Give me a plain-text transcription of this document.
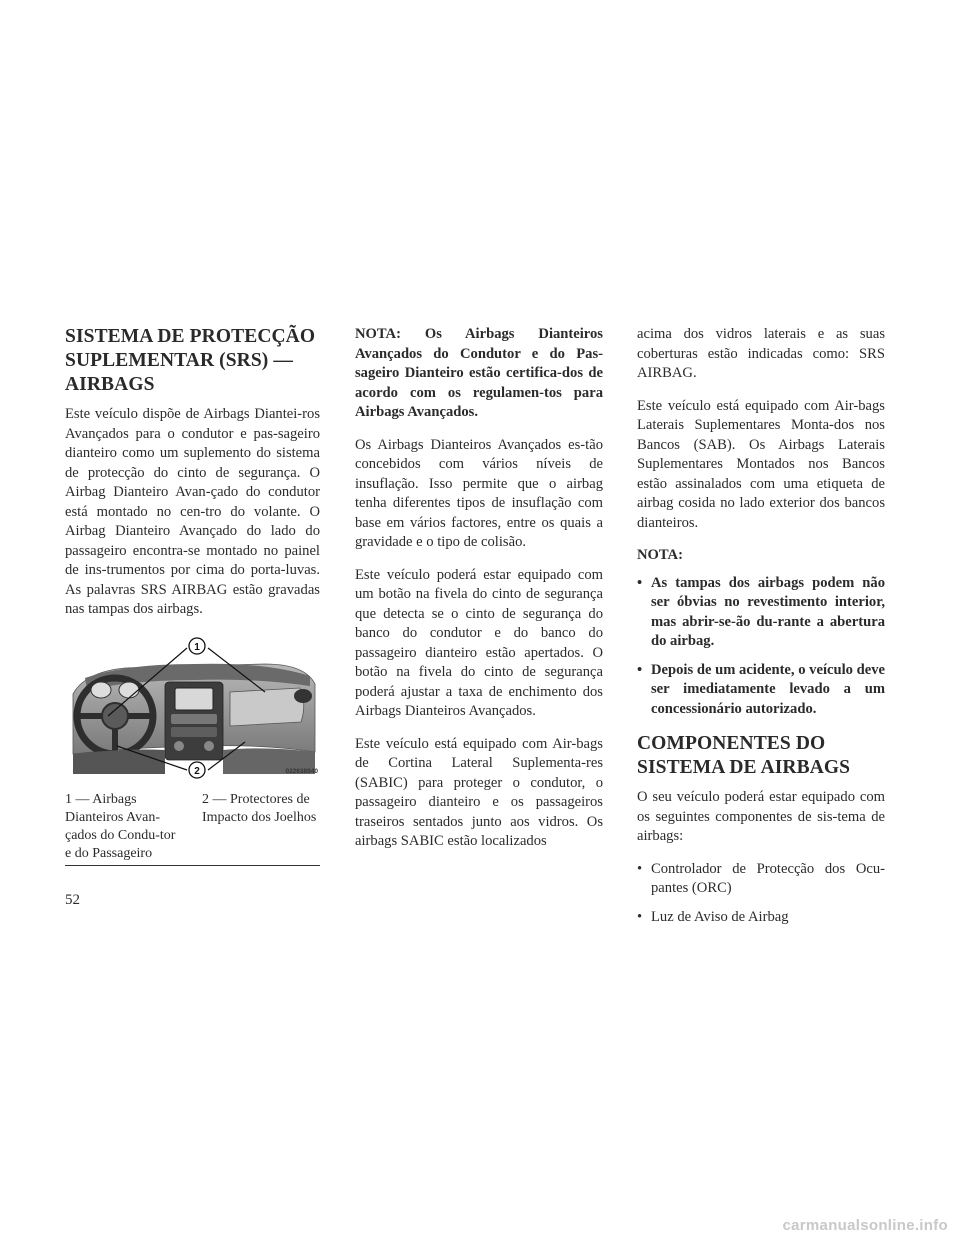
SISTEMA DE PROTECÇÃO SUPLEMENTAR (SRS) — AIRBAGS

Este veículo dispõe de Airbags Diantei-ros Avançados para o condutor e pas-sageiro dianteiro como um suplemento do sistema de protecção do cinto de segurança. O Airbag Dianteiro Avan-çado do condutor está montado no cen-tro do volante. O Airbag Dianteiro Avançado do lado do passageiro encontra-se montado no painel de ins-trumentos por cima do porta-luvas. As palavras SRS AIRBAG estão gravadas nas tampas dos airbags.

1
2	022638940
1 — Airbags Dianteiros Avan-çados do Condu-tor e do Passageiro
2 — Protectores de Impacto dos Joelhos

NOTA: Os Airbags Dianteiros Avançados do Condutor e do Pas-sageiro Dianteiro estão certifica-dos de acordo com os regulamen-tos para Airbags Avançados.

Os Airbags Dianteiros Avançados es-tão concebidos com vários níveis de insuflação. Isso permite que o airbag tenha diferentes tipos de insuflação com base em vários factores, entre os quais a gravidade e o tipo de colisão.

Este veículo poderá estar equipado com um botão na fivela do cinto de segurança que detecta se o cinto de segurança do banco do condutor e do banco do passageiro dianteiro estão apertados. O botão na fivela do cinto de segurança poderá ajustar a taxa de enchimento dos Airbags Dianteiros Avançados.

Este veículo está equipado com Air-bags de Cortina Lateral Suplementa-res (SABIC) para proteger o condutor, o passageiro dianteiro e os passageiros traseiros sentados junto aos vidros. Os airbags SABIC estão localizados

acima dos vidros laterais e as suas coberturas estão indicadas como: SRS AIRBAG.

Este veículo está equipado com Air-bags Laterais Suplementares Monta-dos nos Bancos (SAB). Os Airbags Laterais Suplementares Montados nos Bancos estão assinalados com uma etiqueta de airbag cosida no lado exterior dos bancos dianteiros.

NOTA:

• As tampas dos airbags podem não ser óbvias no revestimento interior, mas abrir-se-ão du-rante a abertura do airbag.
• Depois de um acidente, o veículo deve ser imediatamente levado a um concessionário autorizado.
COMPONENTES DO SISTEMA DE AIRBAGS

O seu veículo poderá estar equipado com os seguintes componentes de sis-tema de airbags:

• Controlador de Protecção dos Ocu-pantes (ORC)
• Luz de Aviso de Airbag
52
carmanualsonline.info
